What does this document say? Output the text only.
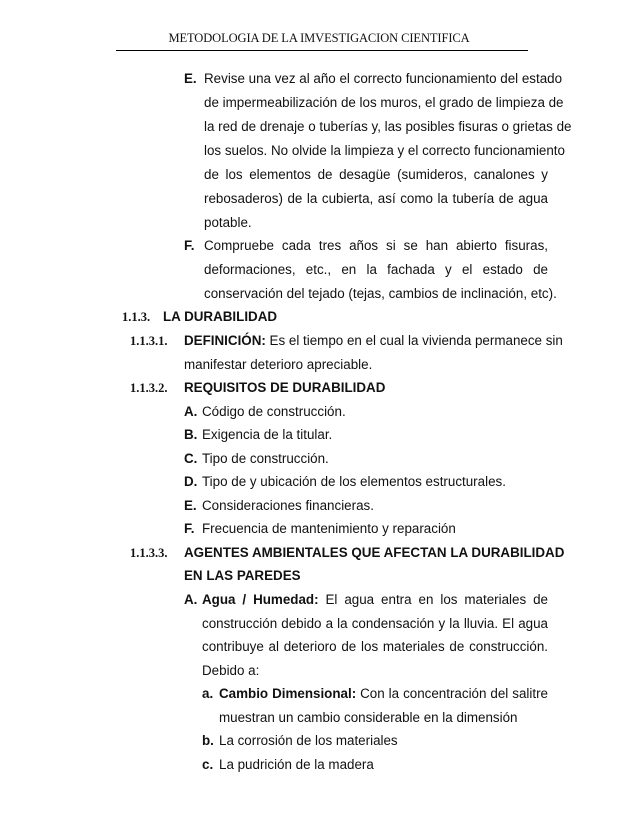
METODOLOGIA DE LA IMVESTIGACION CIENTIFICA
E. Revise una vez al año el correcto funcionamiento del estado
de impermeabilización de los muros, el grado de limpieza de
la red de drenaje o tuberías y, las posibles fisuras o grietas de
los suelos. No olvide la limpieza y el correcto funcionamiento
de los elementos de desagüe (sumideros, canalones y
rebosaderos) de la cubierta, así como la tubería de agua
potable.
F. Compruebe cada tres años si se han abierto fisuras,
deformaciones, etc., en la fachada y el estado de
conservación del tejado (tejas, cambios de inclinación, etc).
1.1.3. LA DURABILIDAD
1.1.3.1. DEFINICIÓN: Es el tiempo en el cual la vivienda permanece sin
manifestar deterioro apreciable.
1.1.3.2. REQUISITOS DE DURABILIDAD
A. Código de construcción.
B. Exigencia de la titular.
C. Tipo de construcción.
D. Tipo de y ubicación de los elementos estructurales.
E. Consideraciones financieras.
F. Frecuencia de mantenimiento y reparación
1.1.3.3. AGENTES AMBIENTALES QUE AFECTAN LA DURABILIDAD
EN LAS PAREDES
A. Agua / Humedad: El agua entra en los materiales de
construcción debido a la condensación y la lluvia. El agua
contribuye al deterioro de los materiales de construcción.
Debido a:
a. Cambio Dimensional: Con la concentración del salitre
muestran un cambio considerable en la dimensión
b. La corrosión de los materiales
c. La pudrición de la madera
